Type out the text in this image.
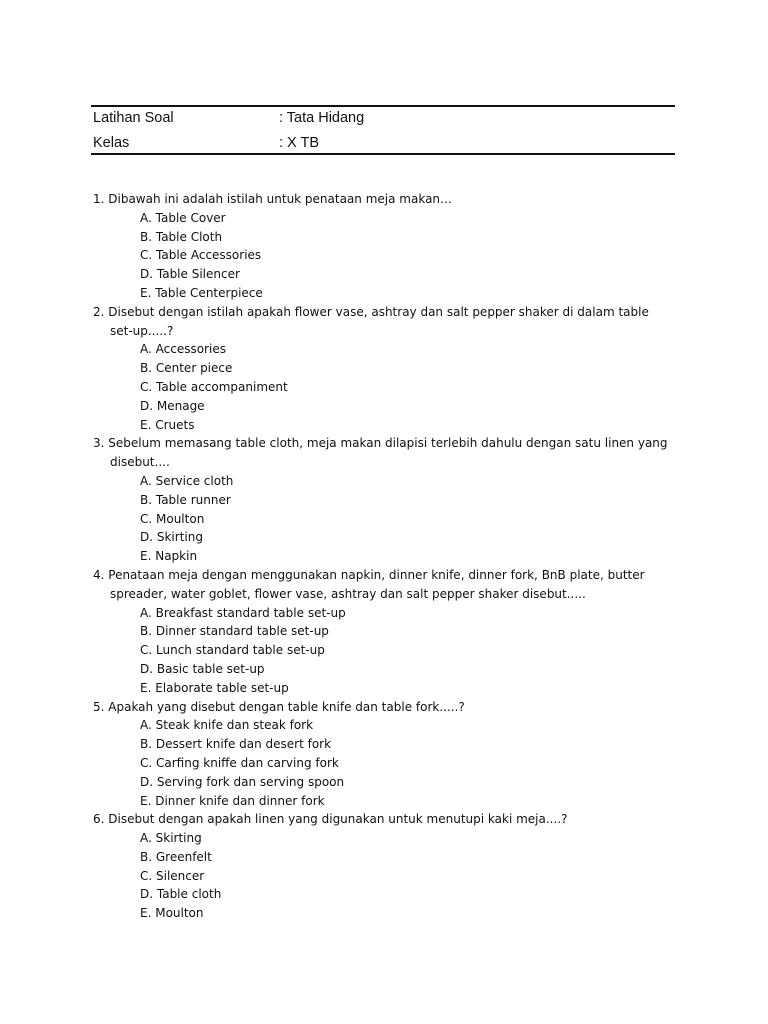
Latihan Soal	: Tata Hidang
Kelas	: X TB
1. Dibawah ini adalah istilah untuk penataan meja makan…
A. Table Cover
B. Table Cloth
C. Table Accessories
D. Table Silencer
E. Table Centerpiece
2. Disebut dengan istilah apakah flower vase, ashtray dan salt pepper shaker di dalam table set-up.....?
A. Accessories
B. Center piece
C. Table accompaniment
D. Menage
E. Cruets
3. Sebelum memasang table cloth, meja makan dilapisi terlebih dahulu dengan satu linen yang disebut....
A. Service cloth
B. Table runner
C. Moulton
D. Skirting
E. Napkin
4. Penataan meja dengan menggunakan napkin, dinner knife, dinner fork, BnB plate, butter spreader, water goblet, flower vase, ashtray dan salt pepper shaker disebut.....
A. Breakfast standard table set-up
B. Dinner standard table set-up
C. Lunch standard table set-up
D. Basic table set-up
E. Elaborate table set-up
5. Apakah yang disebut dengan table knife dan table fork.....?
A. Steak knife dan steak fork
B. Dessert knife dan desert fork
C. Carfing kniffe dan carving fork
D. Serving fork dan serving spoon
E. Dinner knife dan dinner fork
6. Disebut dengan apakah linen yang digunakan untuk menutupi kaki meja....?
A. Skirting
B. Greenfelt
C. Silencer
D. Table cloth
E. Moulton
